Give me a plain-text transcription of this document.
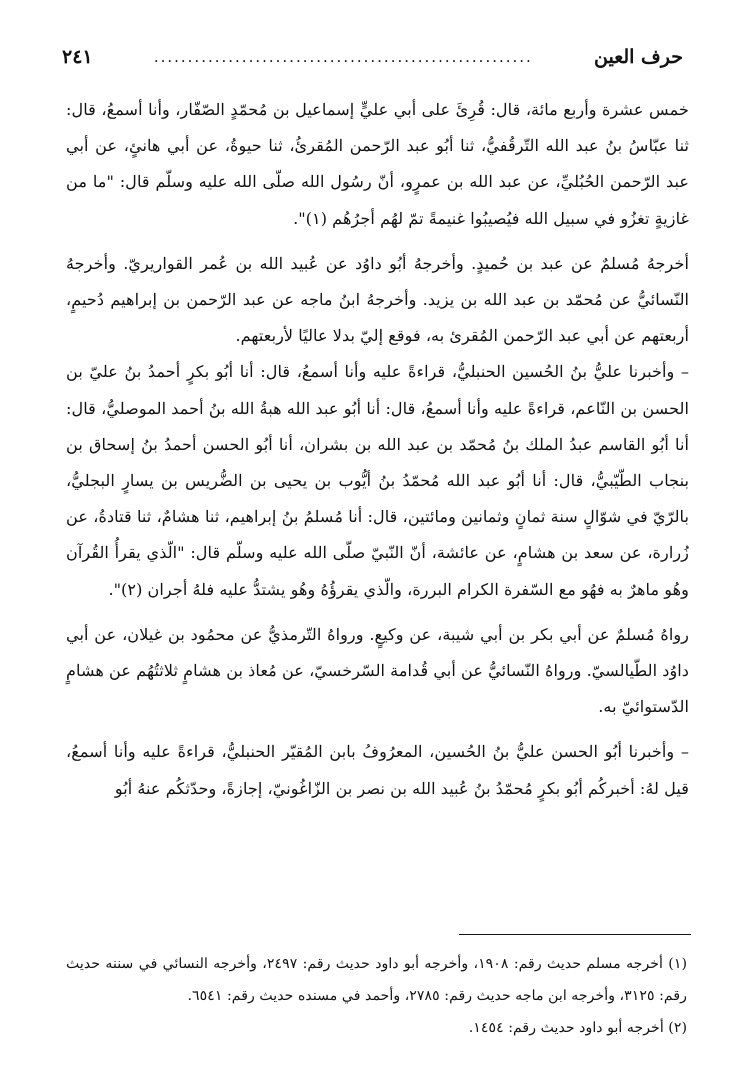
حرف العين
........................................................
٢٤١

خمس عشرة وأربع مائة، قال: قُرِئَ على أبي عليٍّ إسماعيل بن مُحمّدٍ الصّفّار، وأنا أسمعُ، قال: ثنا عبّاسُ بنُ عبد الله التّرقُفيُّ، ثنا أبُو عبد الرّحمن المُقرئُ، ثنا حيوةُ، عن أبي هانئٍ، عن أبي عبد الرّحمن الحُبُليِّ، عن عبد الله بن عمرٍو، أنّ رسُول الله صلّى الله عليه وسلّم قال: "ما من غازيةٍ تغزُو في سبيل الله فيُصيبُوا غنيمةً تمّ لهُم أجرُهُم (١)".

أخرجهُ مُسلمٌ عن عبد بن حُميدٍ. وأخرجهُ أبُو داوُد عن عُبيد الله بن عُمر القواريريّ. وأخرجهُ النّسائيُّ عن مُحمّد بن عبد الله بن يزيد. وأخرجهُ ابنُ ماجه عن عبد الرّحمن بن إبراهيم دُحيمٍ، أربعتهم عن أبي عبد الرّحمن المُقرئ به، فوقع إليّ بدلا عاليًا لأربعتهم.

– وأخبرنا عليُّ بنُ الحُسين الحنبليُّ، قراءةً عليه وأنا أسمعُ، قال: أنا أبُو بكرٍ أحمدُ بنُ عليّ بن الحسن بن النّاعم، قراءةً عليه وأنا أسمعُ، قال: أنا أبُو عبد الله هبةُ الله بنُ أحمد الموصليُّ، قال: أنا أبُو القاسم عبدُ الملك بنُ مُحمّد بن عبد الله بن بشران، أنا أبُو الحسن أحمدُ بنُ إسحاق بن بنجاب الطّيّبيُّ، قال: أنا أبُو عبد الله مُحمّدُ بنُ أيُّوب بن يحيى بن الضُّريس بن يسارٍ البجليُّ، بالرّيّ في شوّالٍ سنة ثمانٍ وثمانين ومائتين، قال: أنا مُسلمُ بنُ إبراهيم، ثنا هشامٌ، ثنا قتادةُ، عن زُرارة، عن سعد بن هشامٍ، عن عائشة، أنّ النّبيّ صلّى الله عليه وسلّم قال: "الّذي يقرأُ القُرآن وهُو ماهرٌ به فهُو مع السّفرة الكرام البررة، والّذي يقرؤُهُ وهُو يشتدُّ عليه فلهُ أجران (٢)".

رواهُ مُسلمٌ عن أبي بكر بن أبي شيبة، عن وكيعٍ. ورواهُ التّرمذيُّ عن محمُود بن غيلان، عن أبي داوُد الطّيالسيّ. ورواهُ النّسائيُّ عن أبي قُدامة السّرخسيّ، عن مُعاذ بن هشامٍ ثلاثتُهُم عن هشامٍ الدّستوائيّ به.

– وأخبرنا أبُو الحسن عليُّ بنُ الحُسين، المعرُوفُ بابن المُقيّر الحنبليُّ، قراءةً عليه وأنا أسمعُ، قيل لهُ: أخبركُم أبُو بكرٍ مُحمّدُ بنُ عُبيد الله بن نصر بن الزّاغُونيّ، إجازةً، وحدّثكُم عنهُ أبُو

(١) أخرجه مسلم حديث رقم: ١٩٠٨، وأخرجه أبو داود حديث رقم: ٢٤٩٧، وأخرجه النسائي في سننه حديث رقم: ٣١٢٥، وأخرجه ابن ماجه حديث رقم: ٢٧٨٥، وأحمد في مسنده حديث رقم: ٦٥٤١.

(٢) أخرجه أبو داود حديث رقم: ١٤٥٤.
